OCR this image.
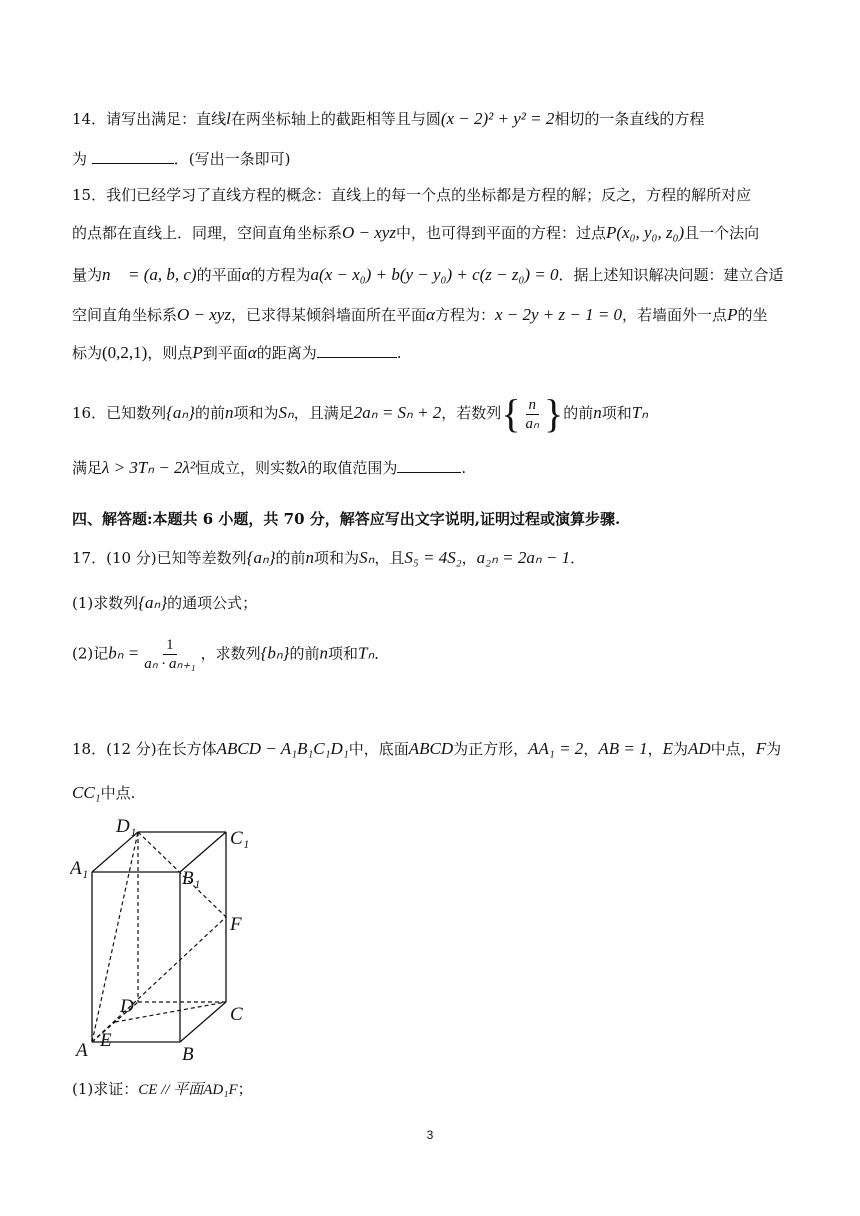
14．请写出满足：直线l在两坐标轴上的截距相等且与圆(x − 2)² + y² = 2相切的一条直线的方程
为	．(写出一条即可)
15．我们已经学习了直线方程的概念：直线上的每一个点的坐标都是方程的解；反之，方程的解所对应
的点都在直线上．同理，空间直角坐标系O − xyz中，也可得到平面的方程：过点P(x₀, y₀, z₀)且一个法向
量为n⃗ = (a, b, c)的平面α的方程为a(x − x₀) + b(y − y₀) + c(z − z₀) = 0．据上述知识解决问题：建立合适
空间直角坐标系O − xyz，已求得某倾斜墙面所在平面α方程为：x − 2y + z − 1 = 0，若墙面外一点P的坐
标为(0,2,1)，则点P到平面α的距离为	.
16．已知数列{aₙ}的前n项和为Sₙ，且满足2aₙ = Sₙ + 2，若数列{ $\frac{n}{\text{aₙ}}$ }的前n项和Tₙ
满足λ > 3Tₙ − 2λ²恒成立，则实数λ的取值范围为	.
四、解答题:本题共 6 小题，共 70 分，解答应写出文字说明,证明过程或演算步骤.
17．(10 分)已知等差数列{aₙ}的前n项和为Sₙ，且S₅ = 4S₂，a₂ₙ = 2aₙ − 1．
(1)求数列{aₙ}的通项公式；
(2)记$b_n = \frac{1}{\text{aₙ · aₙ₊₁}}$ ，求数列{bₙ}的前n项和Tₙ．
18．(12 分)在长方体ABCD − A₁B₁C₁D₁中，底面ABCD为正方形，AA₁ = 2，AB = 1，E为AD中点，F为
CC₁中点.
D₁
C₁
A₁	B₁
F
D	C
A E
B
(1)求证：CE // 平面AD₁F；
3
